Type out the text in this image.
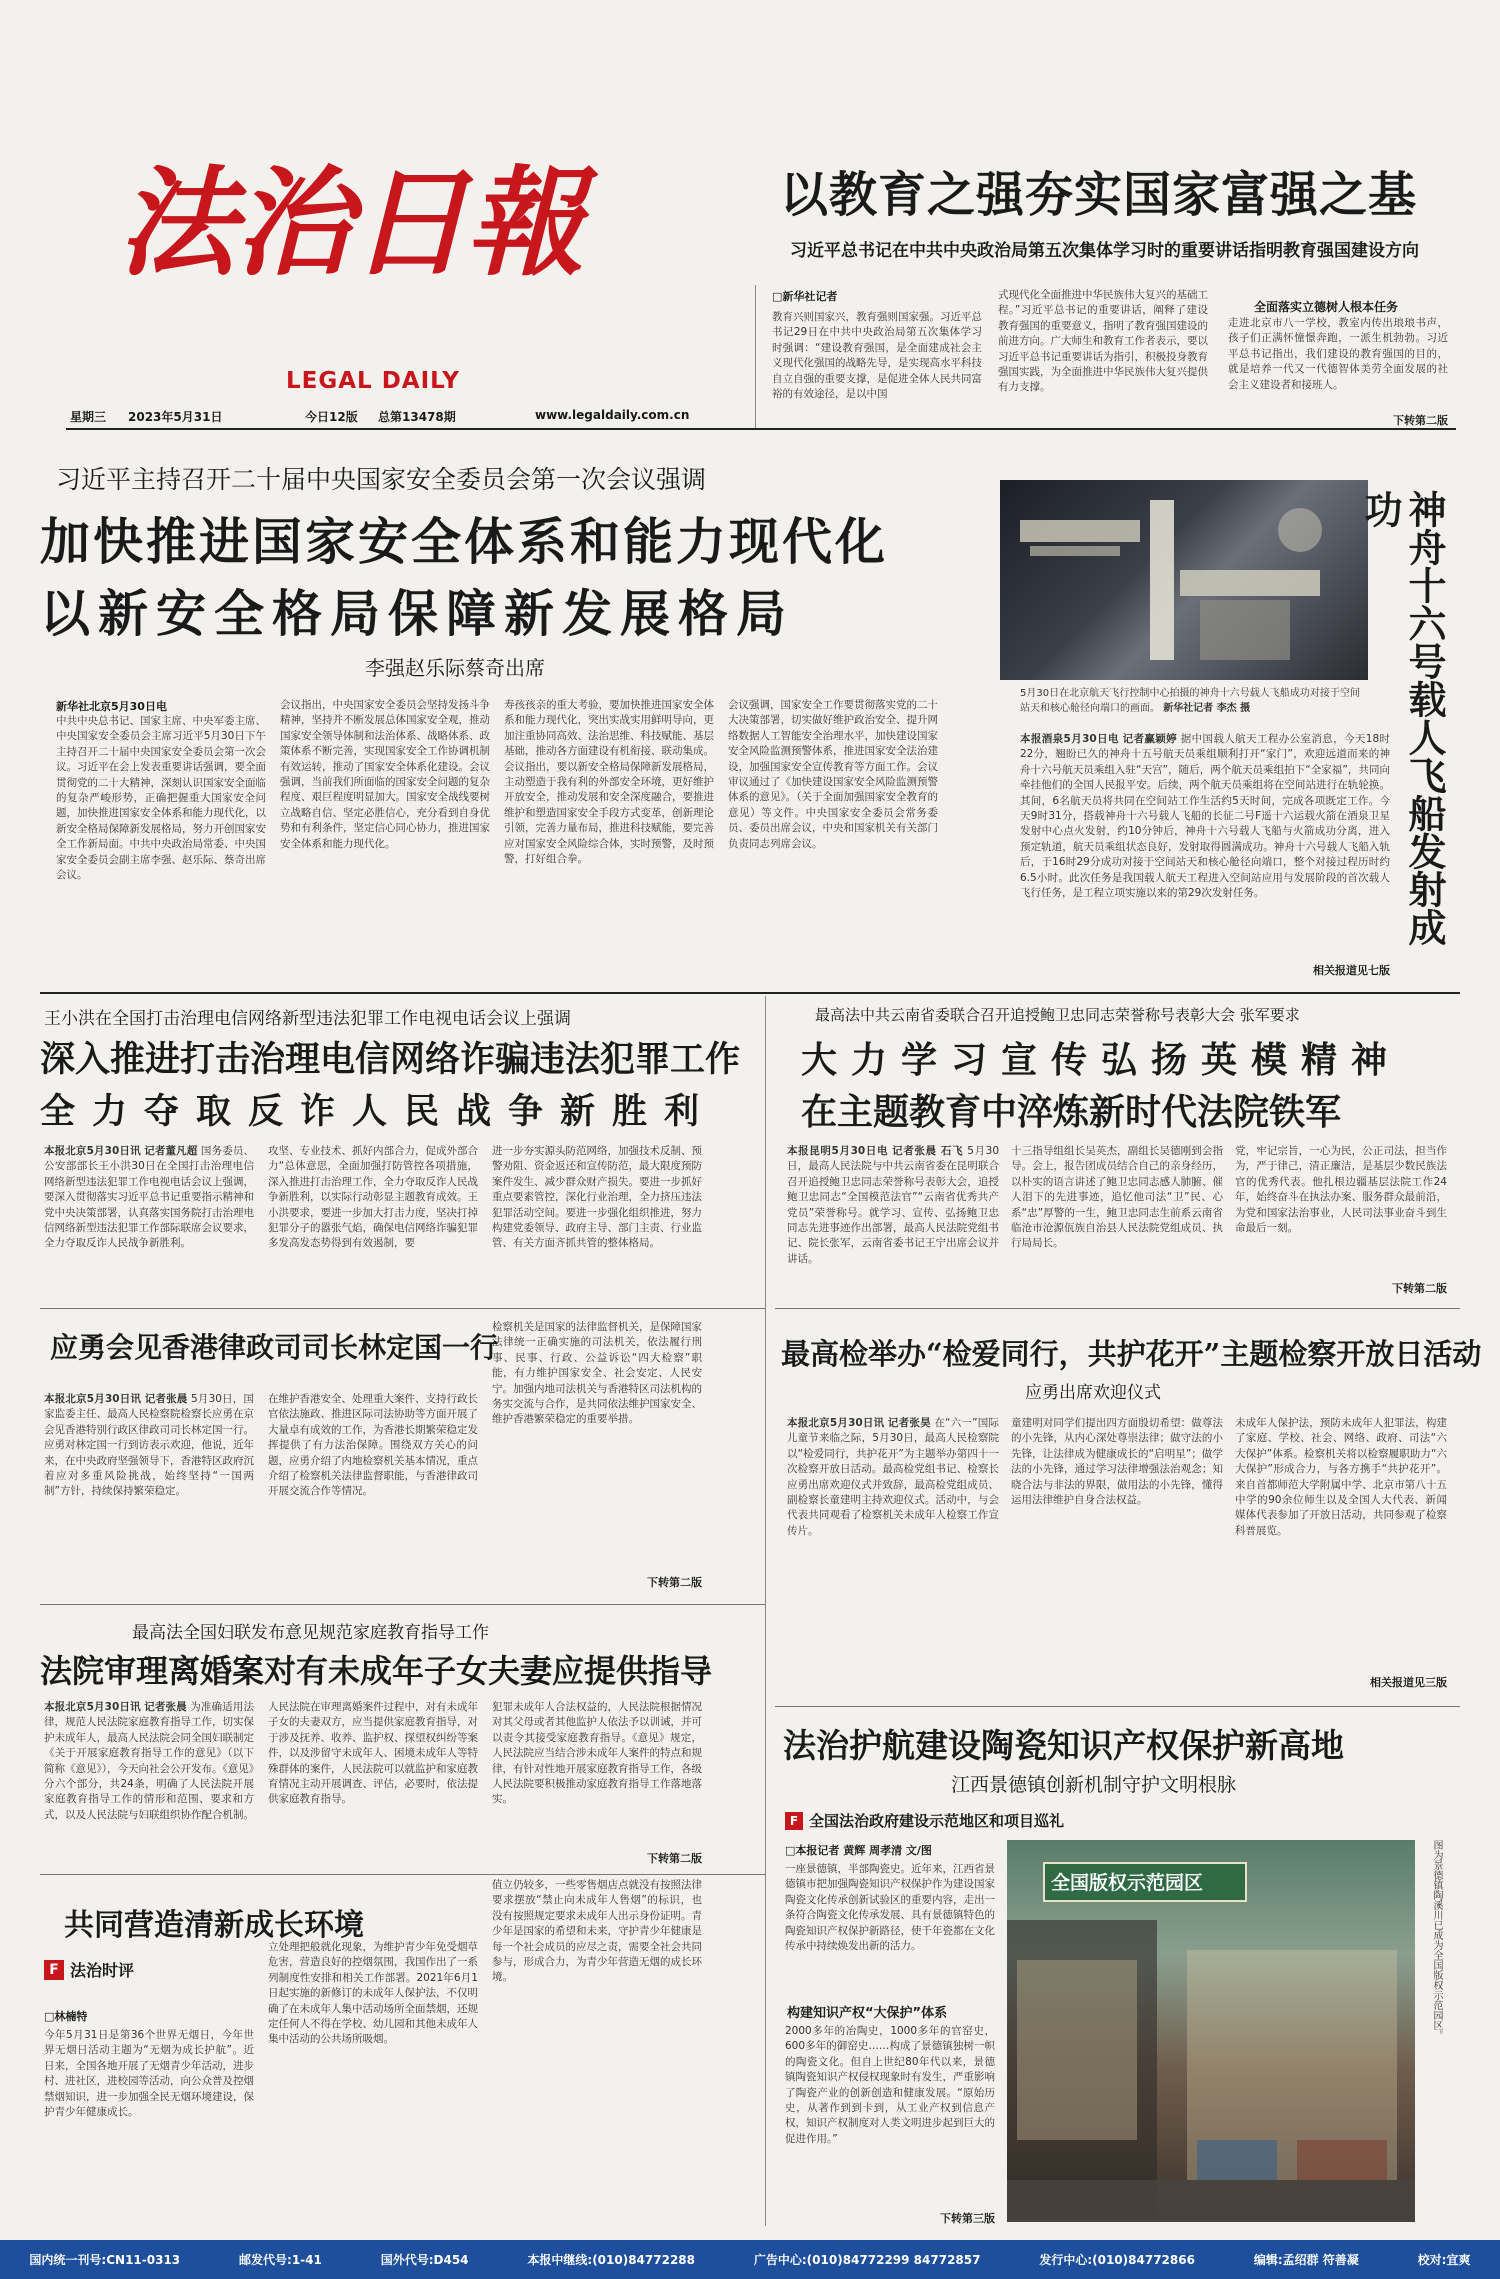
法治日報
LEGAL DAILY
星期三 2023年5月31日	今日12版 总第13478期	www.legaldaily.com.cn
以教育之强夯实国家富强之基
习近平总书记在中共中央政治局第五次集体学习时的重要讲话指明教育强国建设方向
□新华社记者
教育兴则国家兴，教育强则国家强。习近平总书记29日在中共中央政治局第五次集体学习时强调：“建设教育强国，是全面建成社会主义现代化强国的战略先导，是实现高水平科技自立自强的重要支撑，是促进全体人民共同富裕的有效途径，是以中国
式现代化全面推进中华民族伟大复兴的基础工程。”习近平总书记的重要讲话，阐释了建设教育强国的重要意义，指明了教育强国建设的前进方向。广大师生和教育工作者表示，要以习近平总书记重要讲话为指引，积极投身教育强国实践，为全面推进中华民族伟大复兴提供有力支撑。
全面落实立德树人根本任务
走进北京市八一学校，教室内传出琅琅书声，孩子们正满怀憧憬奔跑，一派生机勃勃。习近平总书记指出，我们建设的教育强国的目的，就是培养一代又一代德智体美劳全面发展的社会主义建设者和接班人。
下转第二版
习近平主持召开二十届中央国家安全委员会第一次会议强调
加快推进国家安全体系和能力现代化
以新安全格局保障新发展格局
李强赵乐际蔡奇出席
新华社北京5月30日电
中共中央总书记、国家主席、中央军委主席、中央国家安全委员会主席习近平5月30日下午主持召开二十届中央国家安全委员会第一次会议。习近平在会上发表重要讲话强调，要全面贯彻党的二十大精神，深刻认识国家安全面临的复杂严峻形势，正确把握重大国家安全问题，加快推进国家安全体系和能力现代化，以新安全格局保障新发展格局，努力开创国家安全工作新局面。中共中央政治局常委、中央国家安全委员会副主席李强、赵乐际、蔡奇出席会议。
会议指出，中央国家安全委员会坚持发扬斗争精神，坚持并不断发展总体国家安全观，推动国家安全领导体制和法治体系、战略体系、政策体系不断完善，实现国家安全工作协调机制有效运转，推动了国家安全体系化建设。会议强调，当前我们所面临的国家安全问题的复杂程度、艰巨程度明显加大。国家安全战线要树立战略自信、坚定必胜信心，充分看到自身优势和有利条件，坚定信心同心协力，推进国家安全体系和能力现代化。
寿孩孩亲的重大考验，要加快推进国家安全体系和能力现代化，突出实战实用鲜明导向，更加注重协同高效、法治思维、科技赋能、基层基础，推动各方面建设有机衔接、联动集成。会议指出，要以新安全格局保障新发展格局，主动塑造于我有利的外部安全环境，更好维护开放安全，推动发展和安全深度融合，要推进维护和塑造国家安全手段方式变革，创新理论引领，完善力量布局，推进科技赋能，要完善应对国家安全风险综合体，实时预警，及时预警，打好组合拳。
会议强调，国家安全工作要贯彻落实党的二十大决策部署，切实做好维护政治安全、提升网络数据人工智能安全治理水平，加快建设国家安全风险监测预警体系，推进国家安全法治建设，加强国家安全宣传教育等方面工作。会议审议通过了《加快建设国家安全风险监测预警体系的意见》。（关于全面加强国家安全教育的意见）等文件。中央国家安全委员会常务委员、委员出席会议，中央和国家机关有关部门负责同志列席会议。	神舟十六号载人飞船发射成功
5月30日在北京航天飞行控制中心拍摄的神舟十六号载人飞船成功对接于空间站天和核心舱径向端口的画面。 新华社记者 李杰 摄
本报酒泉5月30日电 记者赢颖婷 据中国载人航天工程办公室消息，今天18时22分，翘盼已久的神舟十五号航天员乘组顺利打开“家门”，欢迎远道而来的神舟十六号航天员乘组入驻“天宫”，随后，两个航天员乘组拍下“全家福”，共同向牵挂他们的全国人民报平安。后续，两个航天员乘组将在空间站进行在轨轮换。其间，6名航天员将共同在空间站工作生活约5天时间，完成各项既定工作。今天9时31分，搭载神舟十六号载人飞船的长征二号F遥十六运载火箭在酒泉卫星发射中心点火发射，约10分钟后，神舟十六号载人飞船与火箭成功分离，进入预定轨道，航天员乘组状态良好，发射取得圆满成功。神舟十六号载人飞船入轨后，于16时29分成功对接于空间站天和核心舱径向端口，整个对接过程历时约6.5小时。此次任务是我国载人航天工程进入空间站应用与发展阶段的首次载人飞行任务，是工程立项实施以来的第29次发射任务。
相关报道见七版
王小洪在全国打击治理电信网络新型违法犯罪工作电视电话会议上强调
深入推进打击治理电信网络诈骗违法犯罪工作
全力夺取反诈人民战争新胜利
本报北京5月30日讯 记者董凡超 国务委员、公安部部长王小洪30日在全国打击治理电信网络新型违法犯罪工作电视电话会议上强调，要深入贯彻落实习近平总书记重要指示精神和党中央决策部署，认真落实国务院打击治理电信网络新型违法犯罪工作部际联席会议要求，全力夺取反诈人民战争新胜利。
攻坚、专业技术、抓好内部合力，促成外部合力“总体意思，全面加强打防管控各项措施，深入推进打击治理工作，全力夺取反诈人民战争新胜利，以实际行动彰显主题教育成效。王小洪要求，要进一步加大打击力度，坚决打掉犯罪分子的嚣张气焰，确保电信网络诈骗犯罪多发高发态势得到有效遏制，要
进一步夯实源头防范网络，加强技术反制、预警劝阻、资金返还和宣传防范，最大限度预防案件发生、减少群众财产损失。要进一步抓好重点要素管控，深化行业治理，全力挤压违法犯罪活动空间。要进一步强化组织推进，努力构建党委领导、政府主导、部门主责、行业监管、有关方面齐抓共管的整体格局。
最高法中共云南省委联合召开追授鲍卫忠同志荣誉称号表彰大会 张军要求
大力学习宣传弘扬英模精神
在主题教育中淬炼新时代法院铁军
本报昆明5月30日电 记者张晨 石飞 5月30日，最高人民法院与中共云南省委在昆明联合召开追授鲍卫忠同志荣誉称号表彰大会，追授鲍卫忠同志“全国模范法官”“云南省优秀共产党员”荣誉称号。就学习、宣传、弘扬鲍卫忠同志先进事迹作出部署，最高人民法院党组书记、院长张军，云南省委书记王宁出席会议并讲话。
十三指导组组长吴英杰，副组长吴德刚到会指导。会上，报告团成员结合自己的亲身经历，以朴实的语言讲述了鲍卫忠同志感人肺腑、催人泪下的先进事迹，追忆他司法“卫”民、心系“忠”厚警的一生，鲍卫忠同志生前系云南省临沧市沧源佤族自治县人民法院党组成员、执行局局长。
党，牢记宗旨，一心为民，公正司法，担当作为，严于律己，清正廉洁，是基层少数民族法官的优秀代表。他扎根边疆基层法院工作24年，始终奋斗在执法办案、服务群众最前沿，为党和国家法治事业，人民司法事业奋斗到生命最后一刻。
下转第二版
应勇会见香港律政司司长林定国一行
本报北京5月30日讯 记者张晨 5月30日，国家监委主任、最高人民检察院检察长应勇在京会见香港特别行政区律政司司长林定国一行。应勇对林定国一行到访表示欢迎，他说，近年来，在中央政府坚强领导下，香港特区政府沉着应对多重风险挑战，始终坚持“一国两制”方针，持续保持繁荣稳定。
在维护香港安全、处理重大案件、支持行政长官依法施政、推进区际司法协助等方面开展了大量卓有成效的工作，为香港长期繁荣稳定发挥提供了有力法治保障。围绕双方关心的问题，应勇介绍了内地检察机关基本情况，重点介绍了检察机关法律监督职能，与香港律政司开展交流合作等情况。
检察机关是国家的法律监督机关，是保障国家法律统一正确实施的司法机关，依法履行刑事、民事、行政、公益诉讼“四大检察”职能，有力维护国家安全、社会安定、人民安宁。加强内地司法机关与香港特区司法机构的务实交流与合作，是共同依法维护国家安全、维护香港繁荣稳定的重要举措。
下转第二版
最高检举办“检爱同行，共护花开”主题检察开放日活动
应勇出席欢迎仪式
本报北京5月30日讯 记者张昊 在“六一”国际儿童节来临之际，5月30日，最高人民检察院以“检爱同行，共护花开”为主题举办第四十一次检察开放日活动。最高检党组书记、检察长应勇出席欢迎仪式并致辞，最高检党组成员、副检察长童建明主持欢迎仪式。活动中，与会代表共同观看了检察机关未成年人检察工作宣传片。
童建明对同学们提出四方面殷切希望：做尊法的小先锋，从内心深处尊崇法律；做守法的小先锋，让法律成为健康成长的“启明星”；做学法的小先锋，通过学习法律增强法治观念；知晓合法与非法的界限，做用法的小先锋，懂得运用法律维护自身合法权益。
未成年人保护法，预防未成年人犯罪法，构建了家庭、学校、社会、网络、政府、司法“六大保护”体系。检察机关将以检察履职助力“六大保护”形成合力，与各方携手“共护花开”。来自首都师范大学附属中学、北京市第八十五中学的90余位师生以及全国人大代表、新闻媒体代表参加了开放日活动，共同参观了检察科普展览。
相关报道见三版
最高法全国妇联发布意见规范家庭教育指导工作
法院审理离婚案对有未成年子女夫妻应提供指导
本报北京5月30日讯 记者张晨 为准确适用法律，规范人民法院家庭教育指导工作，切实保护未成年人，最高人民法院会同全国妇联制定《关于开展家庭教育指导工作的意见》（以下简称《意见》），今天向社会公开发布。《意见》分六个部分，共24条，明确了人民法院开展家庭教育指导工作的情形和范围、要求和方式，以及人民法院与妇联组织协作配合机制。
人民法院在审理离婚案件过程中，对有未成年子女的夫妻双方，应当提供家庭教育指导，对于涉及抚养、收养、监护权、探望权纠纷等案件，以及涉留守未成年人、困境未成年人等特殊群体的案件，人民法院可以就监护和家庭教育情况主动开展调查、评估，必要时，依法提供家庭教育指导。
犯罪未成年人合法权益的，人民法院根据情况对其父母或者其他监护人依法予以训诫，并可以责令其接受家庭教育指导。《意见》规定，人民法院应当结合涉未成年人案件的特点和规律，有针对性地开展家庭教育指导工作，各级人民法院要积极推动家庭教育指导工作落地落实。
下转第二版
共同营造清新成长环境
F 法治时评
□林楠特
今年5月31日是第36个世界无烟日，今年世界无烟日活动主题为“无烟为成长护航”。近日来，全国各地开展了无烟青少年活动，进步村、进社区，进校园等活动，向公众普及控烟禁烟知识，进一步加强全民无烟环境建设，保护青少年健康成长。
立处理把般就化现象，为维护青少年免受烟草危害，营造良好的控烟氛围，我国作出了一系列制度性安排和相关工作部署。2021年6月1日起实施的新修订的未成年人保护法，不仅明确了在未成年人集中活动场所全面禁烟，还规定任何人不得在学校、幼儿园和其他未成年人集中活动的公共场所吸烟。
值立仍较多，一些零售烟店点就没有按照法律要求摆放“禁止向未成年人售烟”的标识，也没有按照规定要求未成年人出示身份证明。青少年是国家的希望和未来，守护青少年健康是每一个社会成员的应尽之责，需要全社会共同参与，形成合力，为青少年营造无烟的成长环境。
法治护航建设陶瓷知识产权保护新高地
江西景德镇创新机制守护文明根脉
F 全国法治政府建设示范地区和项目巡礼
□本报记者 黄辉 周孝清 文/图
一座景德镇，半部陶瓷史。近年来，江西省景德镇市把加强陶瓷知识产权保护作为建设国家陶瓷文化传承创新试验区的重要内容，走出一条符合陶瓷文化传承发展、具有景德镇特色的陶瓷知识产权保护新路径，使千年瓷都在文化传承中持续焕发出新的活力。
构建知识产权“大保护”体系
2000多年的冶陶史，1000多年的官窑史，600多年的御窑史……构成了景德镇独树一帜的陶瓷文化。但自上世纪80年代以来，景德镇陶瓷知识产权侵权现象时有发生，严重影响了陶瓷产业的创新创造和健康发展。“原始历史，从著作到到卡到，从工业产权到信息产权，知识产权制度对人类文明进步起到巨大的促进作用。”
下转第三版
全国版权示范园区	图为景德镇陶溪川已成为全国版权示范园区。
国内统一刊号:CN11-0313	邮发代号:1-41	国外代号:D454	本报中继线:(010)84772288	广告中心:(010)84772299 84772857	发行中心:(010)84772866	编辑:孟绍群 符善凝	校对:宜爽
